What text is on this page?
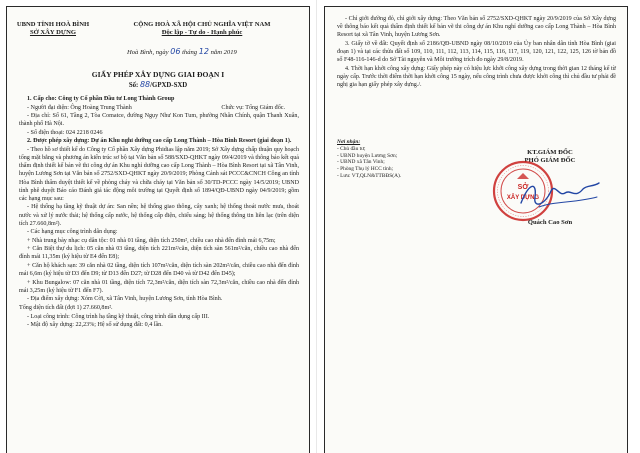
UBND TỈNH HOÀ BÌNH
SỞ XÂY DỰNG
CỘNG HOÀ XÃ HỘI CHỦ NGHĨA VIỆT NAM
Độc lập - Tự do - Hạnh phúc
Hoà Bình, ngày 06 tháng 12 năm 2019
GIẤY PHÉP XÂY DỰNG GIAI ĐOẠN I
Số: 88/GPXD-SXD

1. Cấp cho: Công ty Cổ phần Đầu tư Long Thành Group

- Người đại diện: Ông Hoàng Trung Thành	Chức vụ: Tổng Giám đốc.

- Địa chỉ: Số 61, Tầng 2, Tòa Comatce, đường Ngụy Như Kon Tum, phường Nhân Chính, quận Thanh Xuân, thành phố Hà Nội.

- Số điện thoại: 024 2218 0246

2. Được phép xây dựng: Dự án Khu nghỉ dưỡng cao cấp Long Thành – Hòa Bình Resort (giai đoạn 1).

- Theo hồ sơ thiết kế do Công ty Cổ phần Xây dựng Phidias lập năm 2019; Sở Xây dựng chấp thuận quy hoạch tổng mặt bằng và phương án kiến trúc sơ bộ tại Văn bản số 588/SXD-QHKT ngày 09/4/2019 và thông báo kết quả thẩm định thiết kế bản vẽ thi công dự án Khu nghỉ dưỡng cao cấp Long Thành – Hòa Bình Resort tại xã Tân Vinh, huyện Lương Sơn tại Văn bản số 2752/SXD-QHKT ngày 20/9/2019; Phòng Cảnh sát PCCC&CNCH Công an tỉnh Hòa Bình thẩm duyệt thiết kế về phòng cháy và chữa cháy tại Văn bản số 30/TD-PCCC ngày 14/5/2019; UBND tỉnh phê duyệt Báo cáo Đánh giá tác động môi trường tại Quyết định số 1894/QĐ-UBND ngày 04/9/2019; gồm các hạng mục sau:

- Hệ thống hạ tầng kỹ thuật dự án: San nền; hệ thống giao thông, cây xanh; hệ thống thoát nước mưa, thoát nước và xử lý nước thải; hệ thống cấp nước, hệ thống cấp điện, chiếu sáng; hệ thống thông tin liên lạc (trên diện tích 27.660,8m²).

- Các hạng mục công trình dân dụng:

+ Nhà trung bày nhạc cụ dân tộc: 01 nhà 01 tầng, diện tích 250m², chiều cao nhà đến đỉnh mái 6,75m;

+ Căn Biệt thự du lịch: 05 căn nhà 03 tầng, diện tích 221m²/căn, diện tích sàn 561m²/căn, chiều cao nhà đến đỉnh mái 11,35m (ký hiệu từ E4 đến E8);

+ Căn hộ khách sạn: 39 căn nhà 02 tầng, diện tích 107m²/căn, diện tích sàn 202m²/căn, chiều cao nhà đến đỉnh mái 6,6m (ký hiệu từ D3 đến D9; từ D13 đến D27; từ D28 đến D40 và từ D42 đến D45);

+ Khu Bungalow: 07 căn nhà 01 tầng, diện tích 72,3m²/căn, diện tích sàn 72,3m²/căn, chiều cao nhà đến đỉnh mái 3,25m (ký hiệu từ F1 đến F7).

- Địa điểm xây dựng: Xóm Cời, xã Tân Vinh, huyện Lương Sơn, tỉnh Hòa Bình.

Tổng diện tích đất (đợt 1) 27.660,8m².

- Loại công trình: Công trình hạ tầng kỹ thuật, công trình dân dụng cấp III.

- Mật độ xây dựng: 22,23%; Hệ số sử dụng đất: 0,4 lần.

- Chỉ giới đường đỏ, chỉ giới xây dựng: Theo Văn bản số 2752/SXD-QHKT ngày 20/9/2019 của Sở Xây dựng về thông báo kết quả thẩm định thiết kế bản vẽ thi công dự án Khu nghỉ dưỡng cao cấp Long Thành – Hòa Bình Resort tại xã Tân Vinh, huyện Lương Sơn.

3. Giấy tờ về đất: Quyết định số 2186/QĐ-UBND ngày 08/10/2019 của Ủy ban nhân dân tỉnh Hòa Bình (giai đoạn 1) và tại các thửa đất số 109, 110, 111, 112, 113, 114, 115, 116, 117, 119, 120, 121, 122, 125, 126 tờ bản đồ số F48-116-146-d do Sở Tài nguyên và Môi trường trích đo ngày 29/8/2019.

4. Thời hạn khởi công xây dựng: Giấy phép này có hiệu lực khởi công xây dựng trong thời gian 12 tháng kể từ ngày cấp. Trước thời điểm thời hạn khởi công 15 ngày, nếu công trình chưa được khởi công thì chủ đầu tư phải đề nghị gia hạn giấy phép xây dựng./.

Nơi nhận:
- Chủ đầu tư;
- UBND huyện Lương Sơn;
- UBND xã Tân Vinh;
- Phòng Thụ lý HCC tỉnh;
- Lưu: VT,QLN&TTBĐS(A).
KT.GIÁM ĐỐC
PHÓ GIÁM ĐỐC
SỞ
XÂY DỰNG
Quách Cao Sơn
